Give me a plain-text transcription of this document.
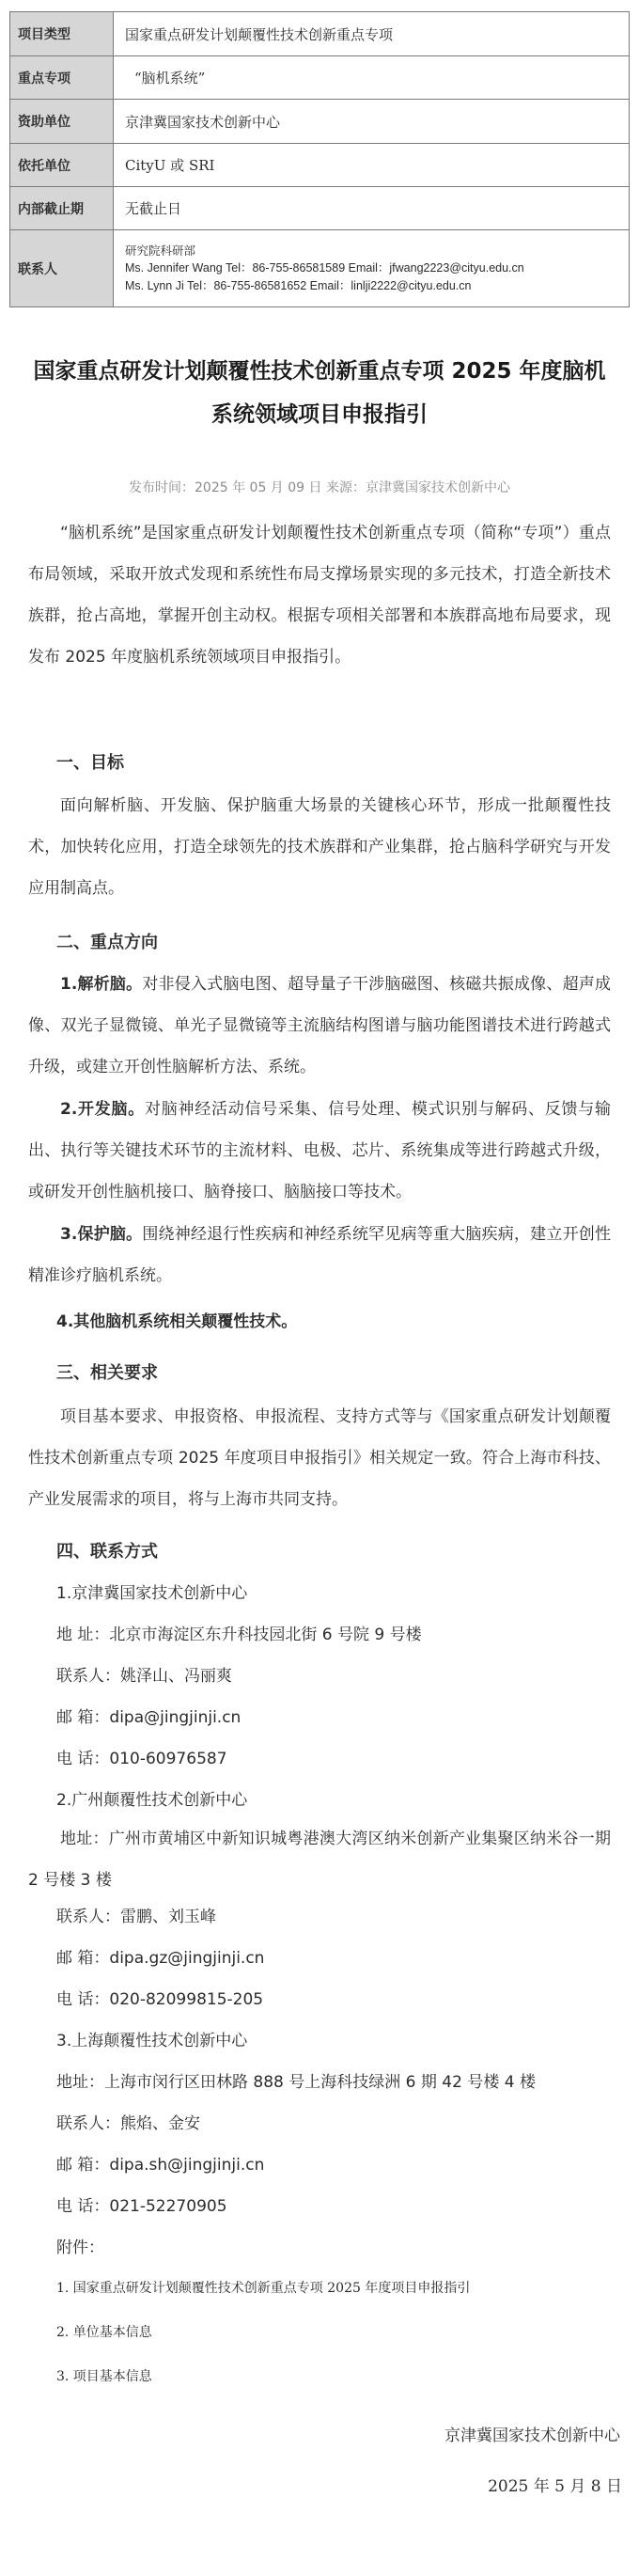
项目类型	国家重点研发计划颠覆性技术创新重点专项
重点专项	“脑机系统”
资助单位	京津冀国家技术创新中心
依托单位	CityU 或 SRI
内部截止期	无截止日
联系人	研究院科研部
Ms. Jennifer Wang Tel：86-755-86581589 Email：jfwang2223@cityu.edu.cn
Ms. Lynn Ji Tel：86-755-86581652 Email：linlji2222@cityu.edu.cn
国家重点研发计划颠覆性技术创新重点专项 2025 年度脑机系统领域项目申报指引
发布时间：2025 年 05 月 09 日 来源：京津冀国家技术创新中心
“脑机系统”是国家重点研发计划颠覆性技术创新重点专项（简称“专项”）重点布局领域，采取开放式发现和系统性布局支撑场景实现的多元技术，打造全新技术族群，抢占高地，掌握开创主动权。根据专项相关部署和本族群高地布局要求，现发布 2025 年度脑机系统领域项目申报指引。
一、目标
面向解析脑、开发脑、保护脑重大场景的关键核心环节，形成一批颠覆性技术，加快转化应用，打造全球领先的技术族群和产业集群，抢占脑科学研究与开发应用制高点。
二、重点方向
1.解析脑。对非侵入式脑电图、超导量子干涉脑磁图、核磁共振成像、超声成像、双光子显微镜、单光子显微镜等主流脑结构图谱与脑功能图谱技术进行跨越式升级，或建立开创性脑解析方法、系统。
2.开发脑。对脑神经活动信号采集、信号处理、模式识别与解码、反馈与输出、执行等关键技术环节的主流材料、电极、芯片、系统集成等进行跨越式升级，或研发开创性脑机接口、脑脊接口、脑脑接口等技术。
3.保护脑。围绕神经退行性疾病和神经系统罕见病等重大脑疾病，建立开创性精准诊疗脑机系统。
4.其他脑机系统相关颠覆性技术。
三、相关要求
项目基本要求、申报资格、申报流程、支持方式等与《国家重点研发计划颠覆性技术创新重点专项 2025 年度项目申报指引》相关规定一致。符合上海市科技、产业发展需求的项目，将与上海市共同支持。
四、联系方式
1.京津冀国家技术创新中心
地 址：北京市海淀区东升科技园北街 6 号院 9 号楼
联系人：姚泽山、冯丽爽
邮 箱：dipa@jingjinji.cn
电 话：010-60976587
2.广州颠覆性技术创新中心
地址：广州市黄埔区中新知识城粤港澳大湾区纳米创新产业集聚区纳米谷一期 2 号楼 3 楼
联系人：雷鹏、刘玉峰
邮 箱：dipa.gz@jingjinji.cn
电 话：020-82099815-205
3.上海颠覆性技术创新中心
地址：上海市闵行区田林路 888 号上海科技绿洲 6 期 42 号楼 4 楼
联系人：熊焰、金安
邮 箱：dipa.sh@jingjinji.cn
电 话：021-52270905
附件：
1. 国家重点研发计划颠覆性技术创新重点专项 2025 年度项目申报指引
2. 单位基本信息
3. 项目基本信息
京津冀国家技术创新中心
2025 年 5 月 8 日
